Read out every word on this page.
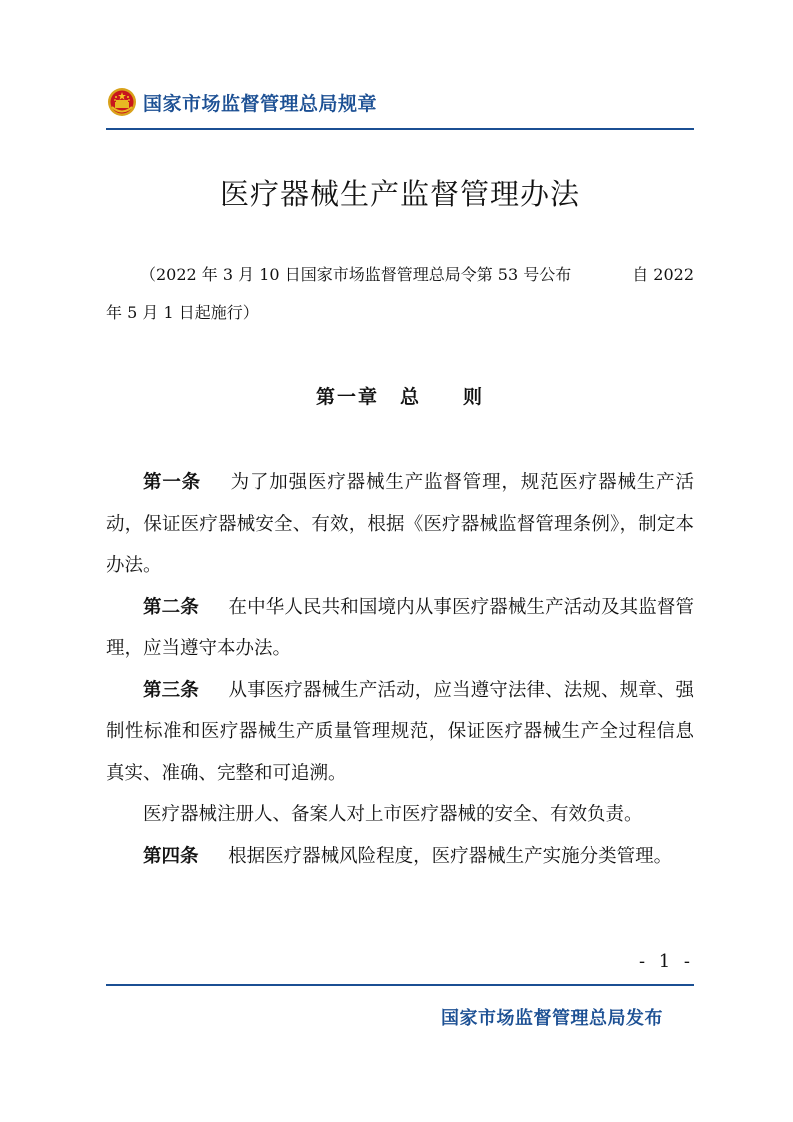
国家市场监督管理总局规章
医疗器械生产监督管理办法
（2022 年 3 月 10 日国家市场监督管理总局令第 53 号公布	自 2022
年 5 月 1 日起施行）
第一章　总　　则

第一条 为了加强医疗器械生产监督管理，规范医疗器械生产活动，保证医疗器械安全、有效，根据《医疗器械监督管理条例》，制定本办法。

第二条 在中华人民共和国境内从事医疗器械生产活动及其监督管理，应当遵守本办法。

第三条 从事医疗器械生产活动，应当遵守法律、法规、规章、强制性标准和医疗器械生产质量管理规范，保证医疗器械生产全过程信息真实、准确、完整和可追溯。

医疗器械注册人、备案人对上市医疗器械的安全、有效负责。

第四条 根据医疗器械风险程度，医疗器械生产实施分类管理。

- 1 -
国家市场监督管理总局发布
